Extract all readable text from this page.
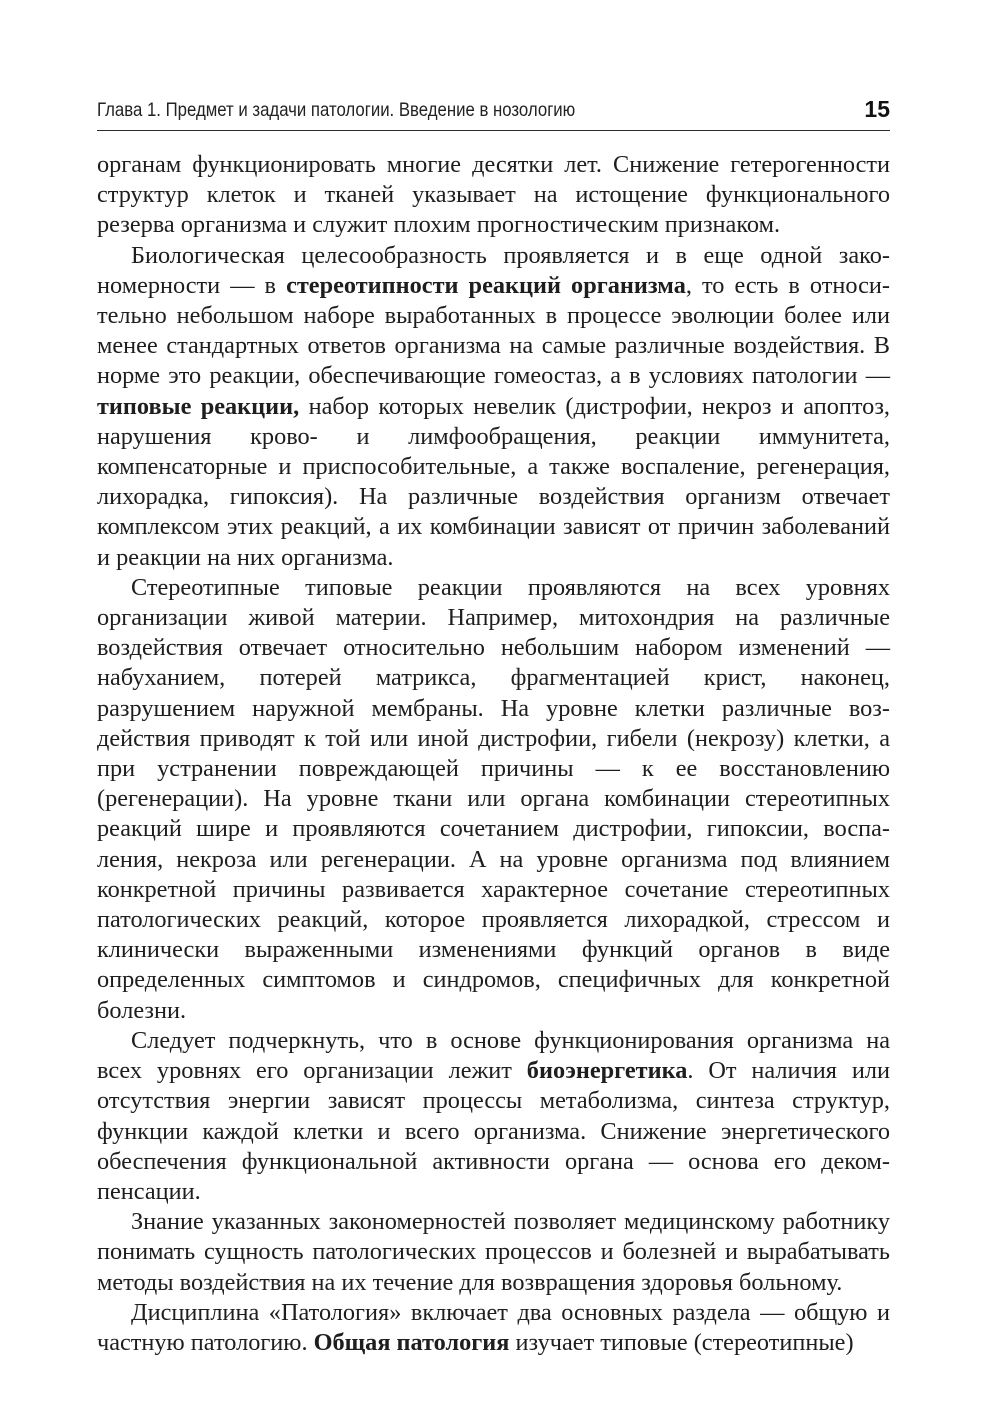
Глава 1. Предмет и задачи патологии. Введение в нозологию	15

органам функционировать многие десятки лет. Снижение гетерогенности структур клеток и тканей указывает на истощение функционального резерва организма и служит плохим прогностическим признаком.

Биологическая целесообразность проявляется и в еще одной закономерности — в стереотипности реакций организма, то есть в относительно небольшом наборе выработанных в процессе эволюции более или менее стандартных ответов организма на самые различные воздействия. В норме это реакции, обеспечивающие гомеостаз, а в условиях патологии — типовые реакции, набор которых невелик (дистрофии, некроз и апоптоз, нарушения крово- и лимфообращения, реакции иммунитета, компенсаторные и приспособительные, а также воспаление, регенерация, лихорадка, гипоксия). На различные воздействия организм отвечает комплексом этих реакций, а их комбинации зависят от причин заболеваний и реакции на них организма.

Стереотипные типовые реакции проявляются на всех уровнях организации живой материи. Например, митохондрия на различные воздействия отвечает относительно небольшим набором изменений — набуханием, потерей матрикса, фрагментацией крист, наконец, разрушением наружной мембраны. На уровне клетки различные воздействия приводят к той или иной дистрофии, гибели (некрозу) клетки, а при устранении повреждающей причины — к ее восстановлению (регенерации). На уровне ткани или органа комбинации стереотипных реакций шире и проявляются сочетанием дистрофии, гипоксии, воспаления, некроза или регенерации. А на уровне организма под влиянием конкретной причины развивается характерное сочетание стереотипных патологических реакций, которое проявляется лихорадкой, стрессом и клинически выраженными изменениями функций органов в виде определенных симптомов и синдромов, специфичных для конкретной болезни.

Следует подчеркнуть, что в основе функционирования организма на всех уровнях его организации лежит биоэнергетика. От наличия или отсутствия энергии зависят процессы метаболизма, синтеза структур, функции каждой клетки и всего организма. Снижение энергетического обеспечения функциональной активности органа — основа его декомпенсации.

Знание указанных закономерностей позволяет медицинскому работнику понимать сущность патологических процессов и болезней и вырабатывать методы воздействия на их течение для возвращения здоровья больному.

Дисциплина «Патология» включает два основных раздела — общую и частную патологию. Общая патология изучает типовые (стереотипные)
